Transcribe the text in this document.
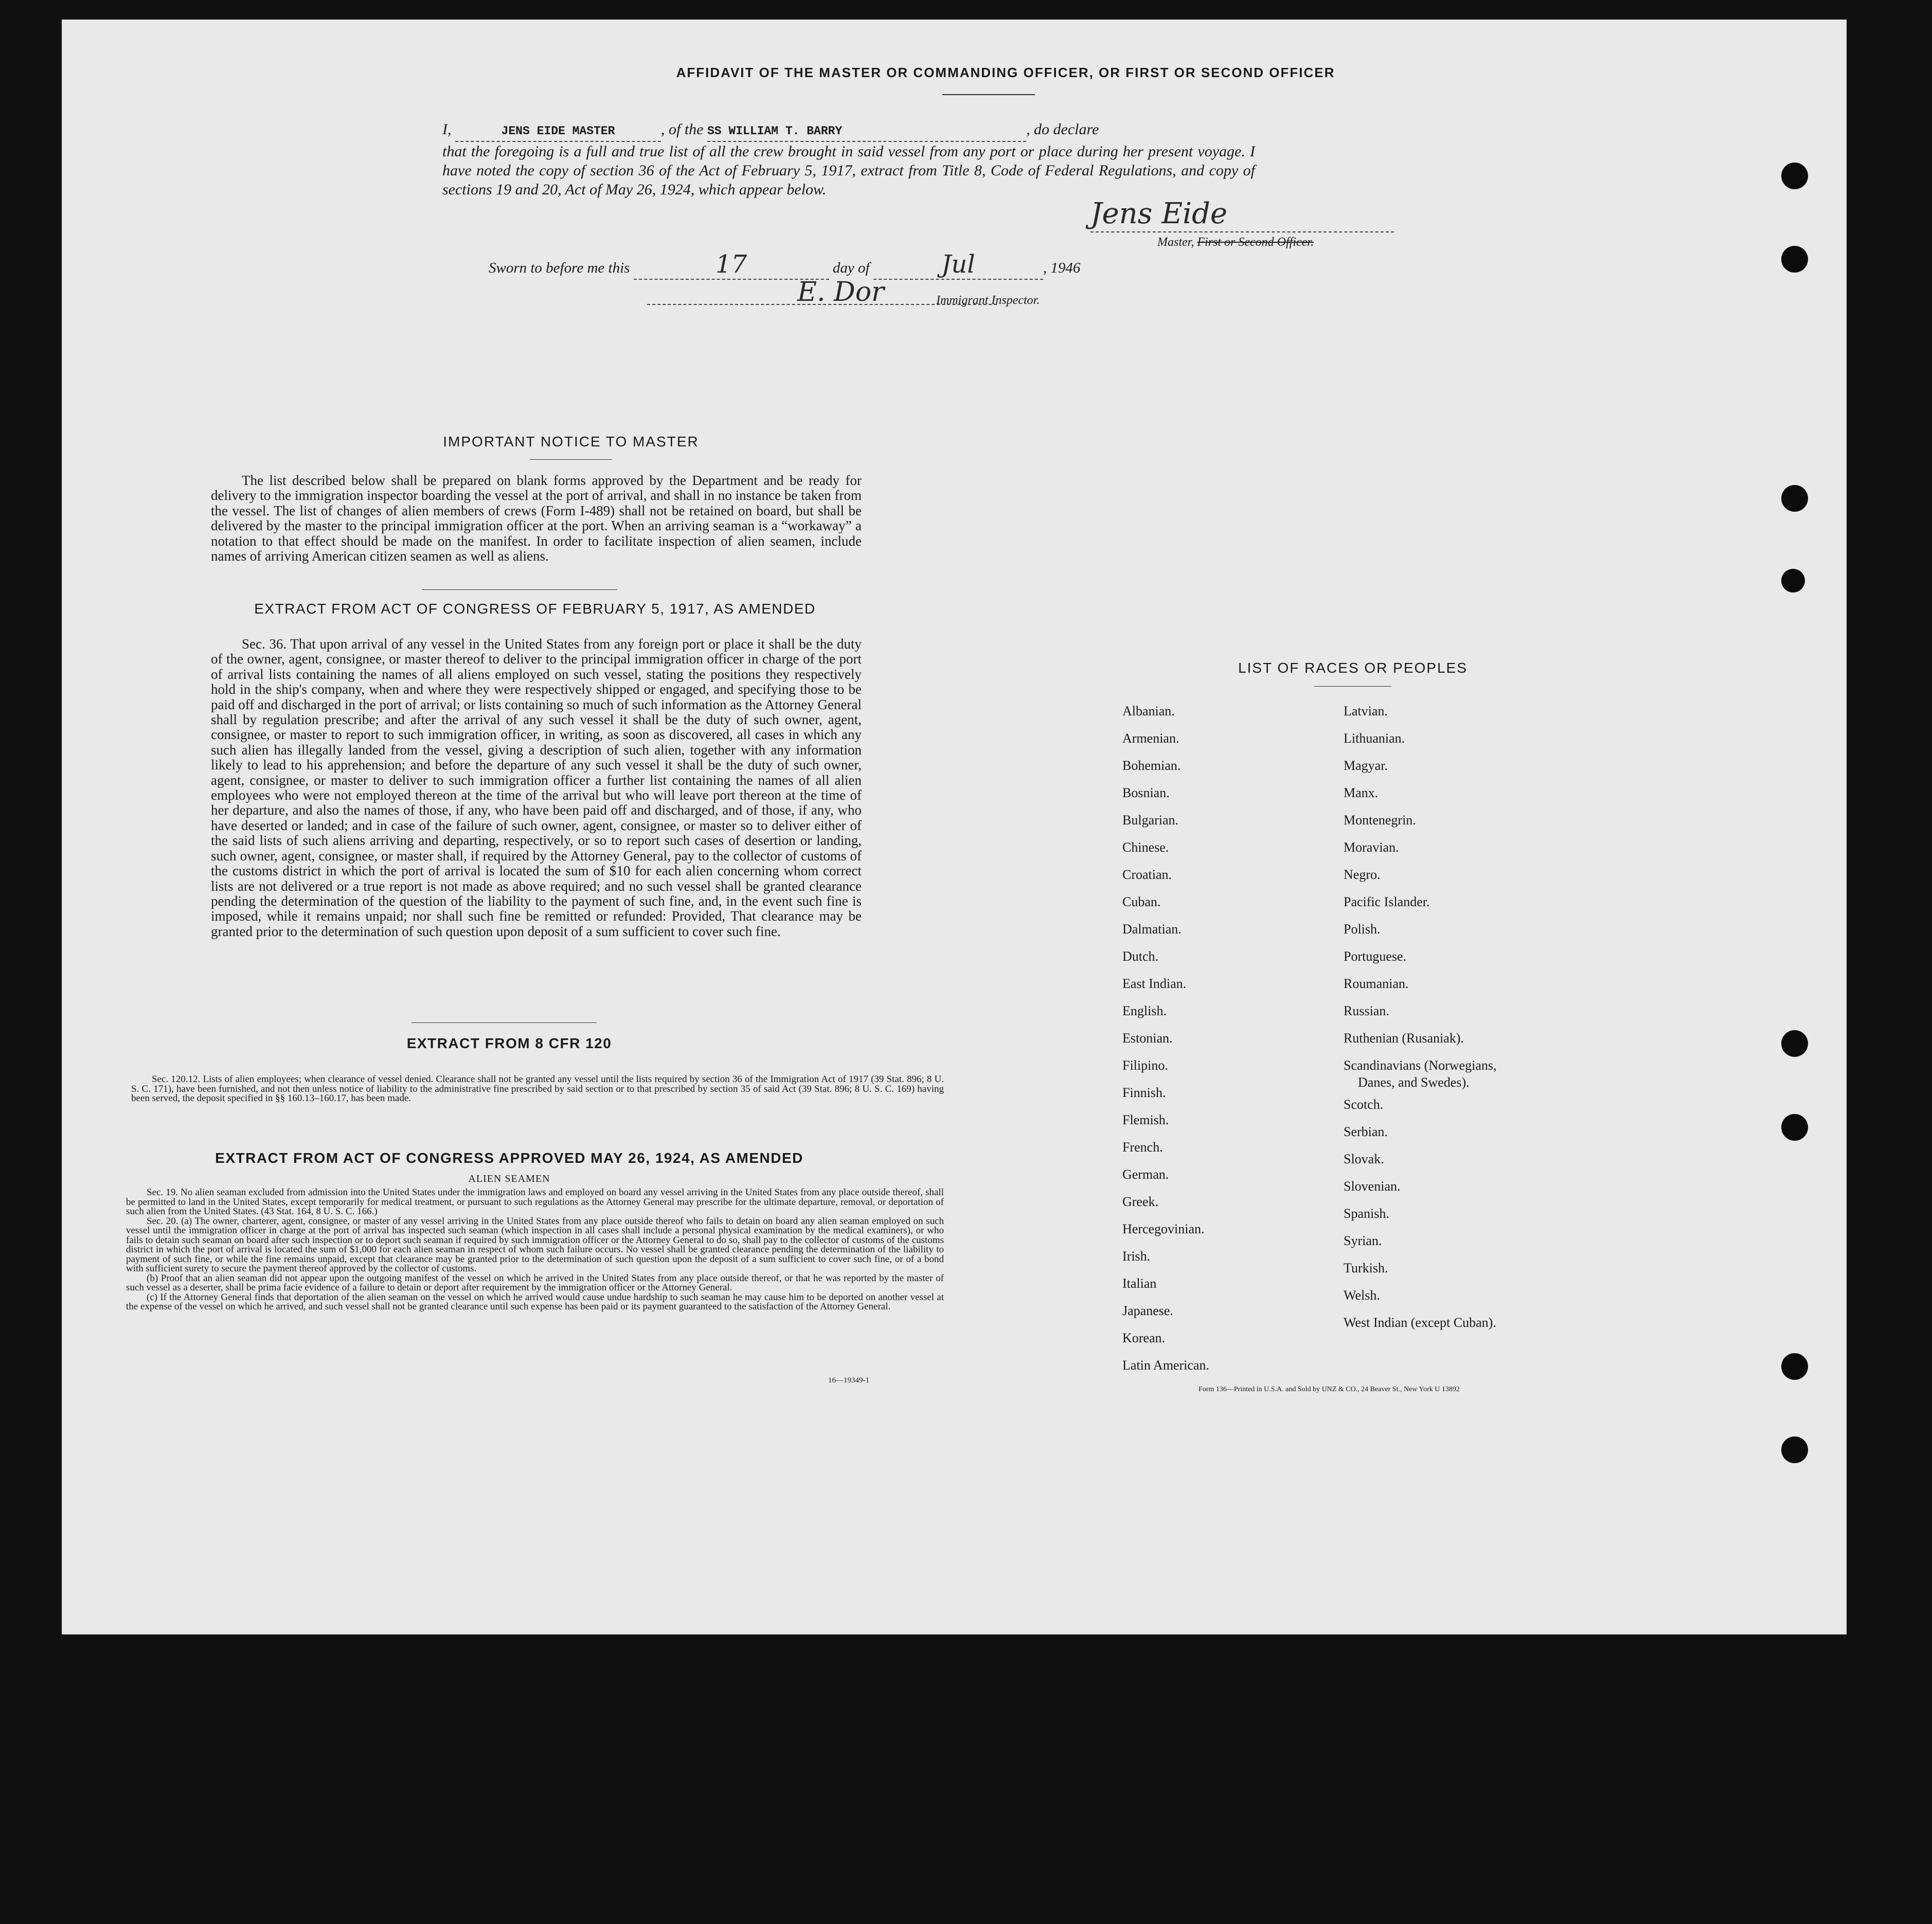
AFFIDAVIT OF THE MASTER OR COMMANDING OFFICER, OR FIRST OR SECOND OFFICER
I,	JENS EIDE MASTER	, of the SS WILLIAM T. BARRY	, do declare
that the foregoing is a full and true list of all the crew brought in said vessel from any port or place during her present voyage. I have noted the copy of section 36 of the Act of February 5, 1917, extract from Title 8, Code of Federal Regulations, and copy of sections 19 and 20, Act of May 26, 1924, which appear below.
Jens Eide
Master, First or Second Officer.
Sworn to before me this	17	day of	Jul	, 1946
E. Dor	Immigrant Inspector.
IMPORTANT NOTICE TO MASTER
The list described below shall be prepared on blank forms approved by the Department and be ready for delivery to the immigration inspector boarding the vessel at the port of arrival, and shall in no instance be taken from the vessel. The list of changes of alien members of crews (Form I-489) shall not be retained on board, but shall be delivered by the master to the principal immigration officer at the port. When an arriving seaman is a “workaway” a notation to that effect should be made on the manifest. In order to facilitate inspection of alien seamen, include names of arriving American citizen seamen as well as aliens.
EXTRACT FROM ACT OF CONGRESS OF FEBRUARY 5, 1917, AS AMENDED
Sec. 36. That upon arrival of any vessel in the United States from any foreign port or place it shall be the duty of the owner, agent, consignee, or master thereof to deliver to the principal immigration officer in charge of the port of arrival lists containing the names of all aliens employed on such vessel, stating the positions they respectively hold in the ship's company, when and where they were respectively shipped or engaged, and specifying those to be paid off and discharged in the port of arrival; or lists containing so much of such information as the Attorney General shall by regulation prescribe; and after the arrival of any such vessel it shall be the duty of such owner, agent, consignee, or master to report to such immigration officer, in writing, as soon as discovered, all cases in which any such alien has illegally landed from the vessel, giving a description of such alien, together with any information likely to lead to his apprehension; and before the departure of any such vessel it shall be the duty of such owner, agent, consignee, or master to deliver to such immigration officer a further list containing the names of all alien employees who were not employed thereon at the time of the arrival but who will leave port thereon at the time of her departure, and also the names of those, if any, who have been paid off and discharged, and of those, if any, who have deserted or landed; and in case of the failure of such owner, agent, consignee, or master so to deliver either of the said lists of such aliens arriving and departing, respectively, or so to report such cases of desertion or landing, such owner, agent, consignee, or master shall, if required by the Attorney General, pay to the collector of customs of the customs district in which the port of arrival is located the sum of $10 for each alien concerning whom correct lists are not delivered or a true report is not made as above required; and no such vessel shall be granted clearance pending the determination of the question of the liability to the payment of such fine, and, in the event such fine is imposed, while it remains unpaid; nor shall such fine be remitted or refunded: Provided, That clearance may be granted prior to the determination of such question upon deposit of a sum sufficient to cover such fine.
EXTRACT FROM 8 CFR 120
Sec. 120.12. Lists of alien employees; when clearance of vessel denied. Clearance shall not be granted any vessel until the lists required by section 36 of the Immigration Act of 1917 (39 Stat. 896; 8 U. S. C. 171), have been furnished, and not then unless notice of liability to the administrative fine prescribed by said section or to that prescribed by section 35 of said Act (39 Stat. 896; 8 U. S. C. 169) having been served, the deposit specified in §§ 160.13–160.17, has been made.
EXTRACT FROM ACT OF CONGRESS APPROVED MAY 26, 1924, AS AMENDED
ALIEN SEAMEN
Sec. 19. No alien seaman excluded from admission into the United States under the immigration laws and employed on board any vessel arriving in the United States from any place outside thereof, shall be permitted to land in the United States, except temporarily for medical treatment, or pursuant to such regulations as the Attorney General may prescribe for the ultimate departure, removal, or deportation of such alien from the United States. (43 Stat. 164, 8 U. S. C. 166.)
Sec. 20. (a) The owner, charterer, agent, consignee, or master of any vessel arriving in the United States from any place outside thereof who fails to detain on board any alien seaman employed on such vessel until the immigration officer in charge at the port of arrival has inspected such seaman (which inspection in all cases shall include a personal physical examination by the medical examiners), or who fails to detain such seaman on board after such inspection or to deport such seaman if required by such immigration officer or the Attorney General to do so, shall pay to the collector of customs of the customs district in which the port of arrival is located the sum of $1,000 for each alien seaman in respect of whom such failure occurs. No vessel shall be granted clearance pending the determination of the liability to payment of such fine, or while the fine remains unpaid, except that clearance may be granted prior to the determination of such question upon the deposit of a sum sufficient to cover such fine, or of a bond with sufficient surety to secure the payment thereof approved by the collector of customs.
(b) Proof that an alien seaman did not appear upon the outgoing manifest of the vessel on which he arrived in the United States from any place outside thereof, or that he was reported by the master of such vessel as a deserter, shall be prima facie evidence of a failure to detain or deport after requirement by the immigration officer or the Attorney General.
(c) If the Attorney General finds that deportation of the alien seaman on the vessel on which he arrived would cause undue hardship to such seaman he may cause him to be deported on another vessel at the expense of the vessel on which he arrived, and such vessel shall not be granted clearance until such expense has been paid or its payment guaranteed to the satisfaction of the Attorney General.
16—19349-1
LIST OF RACES OR PEOPLES
Albanian.
Armenian.
Bohemian.
Bosnian.
Bulgarian.
Chinese.
Croatian.
Cuban.
Dalmatian.
Dutch.
East Indian.
English.
Estonian.
Filipino.
Finnish.
Flemish.
French.
German.
Greek.
Hercegovinian.
Irish.
Italian
Japanese.
Korean.
Latin American.
Latvian.
Lithuanian.
Magyar.
Manx.
Montenegrin.
Moravian.
Negro.
Pacific Islander.
Polish.
Portuguese.
Roumanian.
Russian.
Ruthenian (Rusaniak).
Scandinavians (Norwegians,
Danes, and Swedes).
Scotch.
Serbian.
Slovak.
Slovenian.
Spanish.
Syrian.
Turkish.
Welsh.
West Indian (except Cuban).
Form 136—Printed in U.S.A. and Sold by UNZ & CO., 24 Beaver St., New York U 13892
